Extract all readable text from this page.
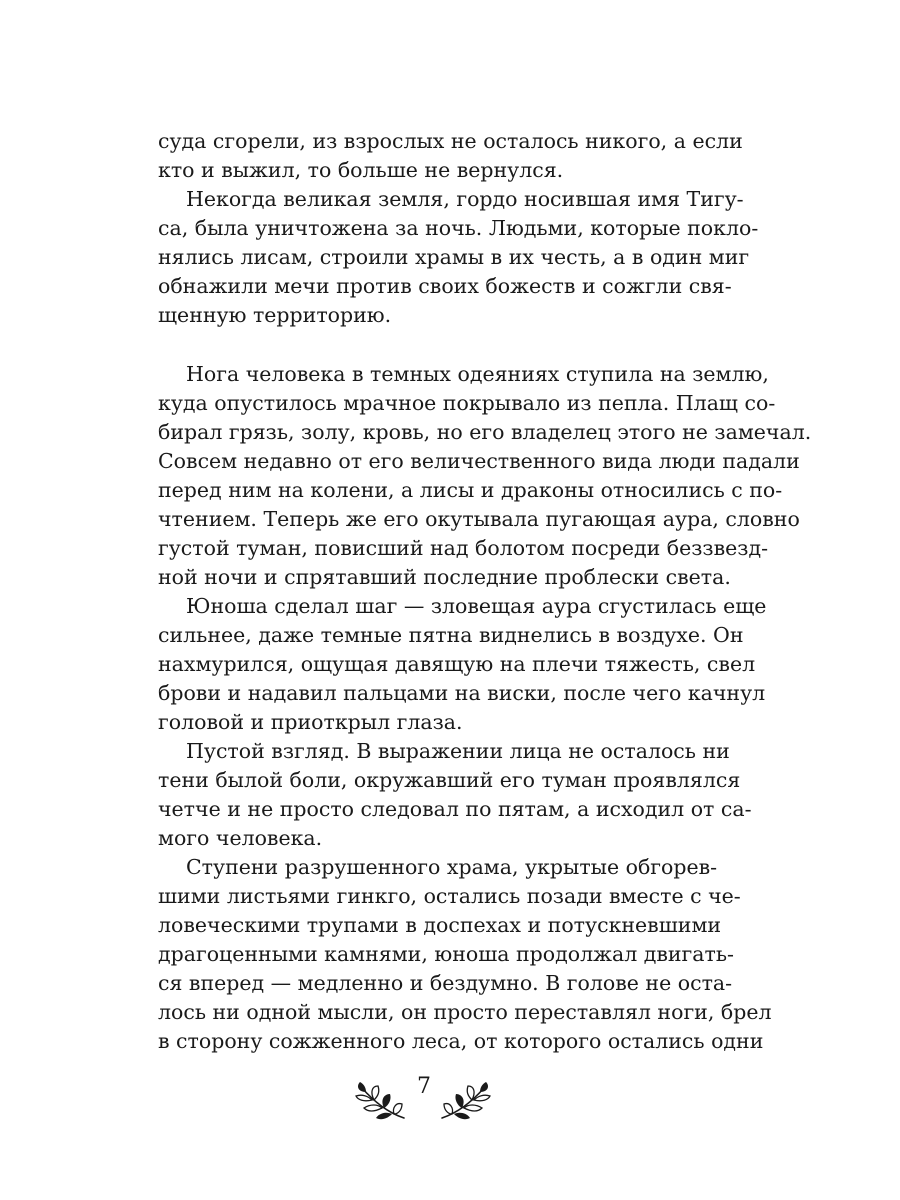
суда сгорели, из взрослых не осталось никого, а если
кто и выжил, то больше не вернулся.
Некогда великая земля, гордо носившая имя Тигу-
са, была уничтожена за ночь. Людьми, которые покло-
нялись лисам, строили храмы в их честь, а в один миг
обнажили мечи против своих божеств и сожгли свя-
щенную территорию.
Нога человека в темных одеяниях ступила на землю,
куда опустилось мрачное покрывало из пепла. Плащ со-
бирал грязь, золу, кровь, но его владелец этого не замечал.
Совсем недавно от его величественного вида люди падали
перед ним на колени, а лисы и драконы относились с по-
чтением. Теперь же его окутывала пугающая аура, словно
густой туман, повисший над болотом посреди беззвезд-
ной ночи и спрятавший последние проблески света.
Юноша сделал шаг — зловещая аура сгустилась еще
сильнее, даже темные пятна виднелись в воздухе. Он
нахмурился, ощущая давящую на плечи тяжесть, свел
брови и надавил пальцами на виски, после чего качнул
головой и приоткрыл глаза.
Пустой взгляд. В выражении лица не осталось ни
тени былой боли, окружавший его туман проявлялся
четче и не просто следовал по пятам, а исходил от са-
мого человека.
Ступени разрушенного храма, укрытые обгорев-
шими листьями гинкго, остались позади вместе с че-
ловеческими трупами в доспехах и потускневшими
драгоценными камнями, юноша продолжал двигать-
ся вперед — медленно и бездумно. В голове не оста-
лось ни одной мысли, он просто переставлял ноги, брел
в сторону сожженного леса, от которого остались одни
7
